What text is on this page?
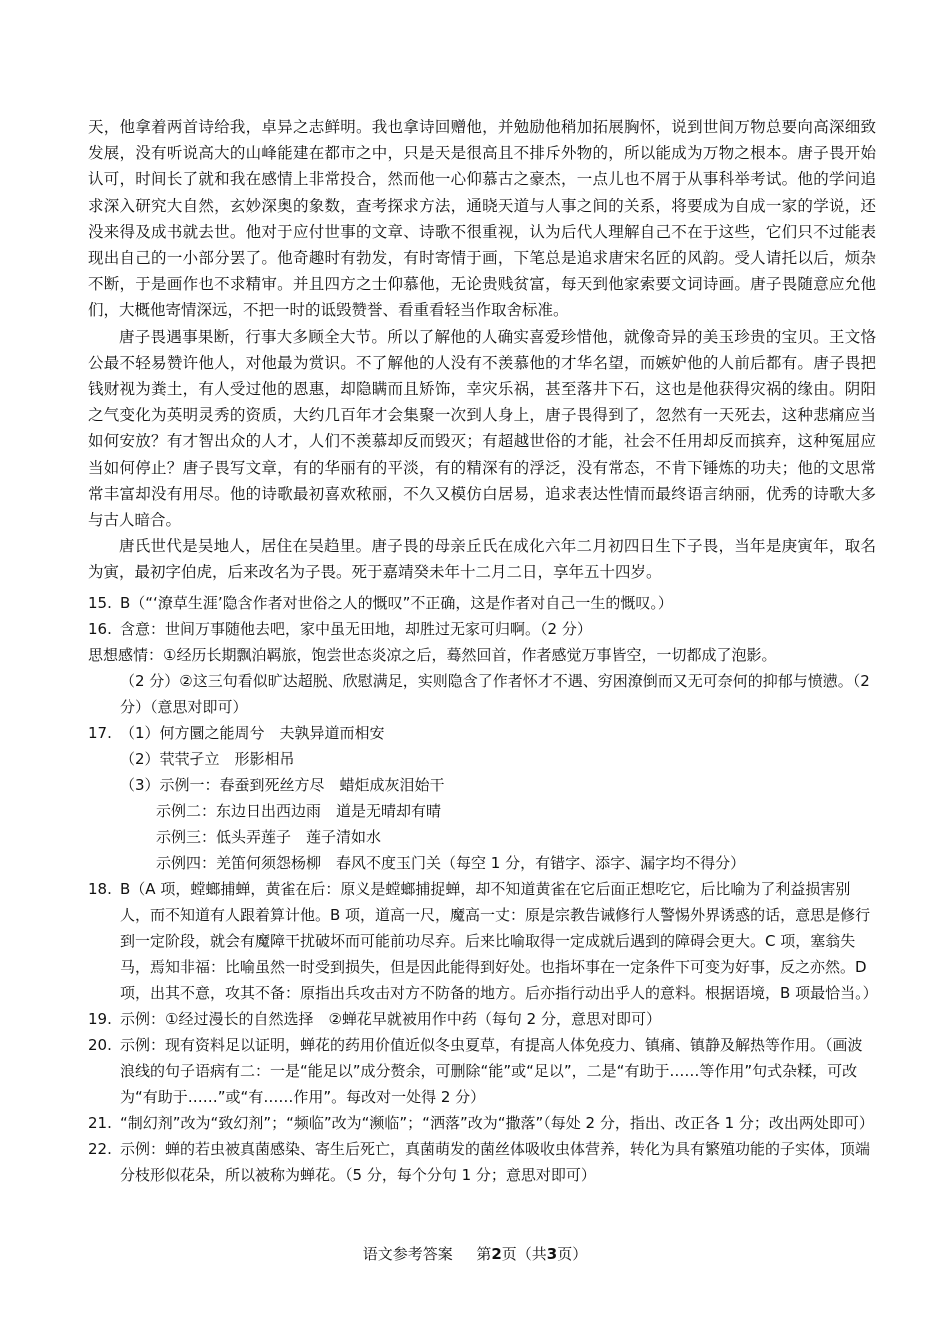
天，他拿着两首诗给我，卓异之志鲜明。我也拿诗回赠他，并勉励他稍加拓展胸怀，说到世间万物总要向高深细致发展，没有听说高大的山峰能建在都市之中，只是天是很高且不排斥外物的，所以能成为万物之根本。唐子畏开始认可，时间长了就和我在感情上非常投合，然而他一心仰慕古之豪杰，一点儿也不屑于从事科举考试。他的学问追求深入研究大自然，玄妙深奥的象数，查考探求方法，通晓天道与人事之间的关系，将要成为自成一家的学说，还没来得及成书就去世。他对于应付世事的文章、诗歌不很重视，认为后代人理解自己不在于这些，它们只不过能表现出自己的一小部分罢了。他奇趣时有勃发，有时寄情于画，下笔总是追求唐宋名匠的风韵。受人请托以后，烦杂不断，于是画作也不求精审。并且四方之士仰慕他，无论贵贱贫富，每天到他家索要文词诗画。唐子畏随意应允他们，大概他寄情深远，不把一时的诋毁赞誉、看重看轻当作取舍标准。

唐子畏遇事果断，行事大多顾全大节。所以了解他的人确实喜爱珍惜他，就像奇异的美玉珍贵的宝贝。王文恪公最不轻易赞许他人，对他最为赏识。不了解他的人没有不羡慕他的才华名望，而嫉妒他的人前后都有。唐子畏把钱财视为粪土，有人受过他的恩惠，却隐瞒而且矫饰，幸灾乐祸，甚至落井下石，这也是他获得灾祸的缘由。阴阳之气变化为英明灵秀的资质，大约几百年才会集聚一次到人身上，唐子畏得到了，忽然有一天死去，这种悲痛应当如何安放？有才智出众的人才，人们不羡慕却反而毁灭；有超越世俗的才能，社会不任用却反而摈弃，这种冤屈应当如何停止？唐子畏写文章，有的华丽有的平淡，有的精深有的浮泛，没有常态，不肯下锤炼的功夫；他的文思常常丰富却没有用尽。他的诗歌最初喜欢秾丽，不久又模仿白居易，追求表达性情而最终语言纳丽，优秀的诗歌大多与古人暗合。

唐氏世代是吴地人，居住在吴趋里。唐子畏的母亲丘氏在成化六年二月初四日生下子畏，当年是庚寅年，取名为寅，最初字伯虎，后来改名为子畏。死于嘉靖癸未年十二月二日，享年五十四岁。

15. B（“‘潦草生涯’隐含作者对世俗之人的慨叹”不正确，这是作者对自己一生的慨叹。）

16. 含意：世间万事随他去吧，家中虽无田地，却胜过无家可归啊。（2 分）

思想感情：①经历长期飘泊羁旅，饱尝世态炎凉之后，蓦然回首，作者感觉万事皆空，一切都成了泡影。

（2 分）②这三句看似旷达超脱、欣慰满足，实则隐含了作者怀才不遇、穷困潦倒而又无可奈何的抑郁与愤懑。（2 分）（意思对即可）

17. （1）何方圜之能周兮　夫孰异道而相安

（2）茕茕孑立　形影相吊

（3）示例一：春蚕到死丝方尽　蜡炬成灰泪始干

示例二：东边日出西边雨　道是无晴却有晴

示例三：低头弄莲子　莲子清如水

示例四：羌笛何须怨杨柳　春风不度玉门关（每空 1 分，有错字、添字、漏字均不得分）

18. B（A 项，螳螂捕蝉，黄雀在后：原义是螳螂捕捉蝉，却不知道黄雀在它后面正想吃它，后比喻为了利益损害别人，而不知道有人跟着算计他。B 项，道高一尺，魔高一丈：原是宗教告诫修行人警惕外界诱惑的话，意思是修行到一定阶段，就会有魔障干扰破坏而可能前功尽弃。后来比喻取得一定成就后遇到的障碍会更大。C 项，塞翁失马，焉知非福：比喻虽然一时受到损失，但是因此能得到好处。也指坏事在一定条件下可变为好事，反之亦然。D 项，出其不意，攻其不备：原指出兵攻击对方不防备的地方。后亦指行动出乎人的意料。根据语境，B 项最恰当。）

19. 示例：①经过漫长的自然选择　②蝉花早就被用作中药（每句 2 分，意思对即可）

20. 示例：现有资料足以证明，蝉花的药用价值近似冬虫夏草，有提高人体免疫力、镇痛、镇静及解热等作用。（画波浪线的句子语病有二：一是“能足以”成分赘余，可删除“能”或“足以”，二是“有助于……等作用”句式杂糅，可改为“有助于……”或“有……作用”。每改对一处得 2 分）

21. “制幻剂”改为“致幻剂”；“频临”改为“濒临”；“洒落”改为“撒落”（每处 2 分，指出、改正各 1 分；改出两处即可）

22. 示例：蝉的若虫被真菌感染、寄生后死亡，真菌萌发的菌丝体吸收虫体营养，转化为具有繁殖功能的子实体，顶端分枝形似花朵，所以被称为蝉花。（5 分，每个分句 1 分；意思对即可）

语文参考答案 第2页（共3页）
